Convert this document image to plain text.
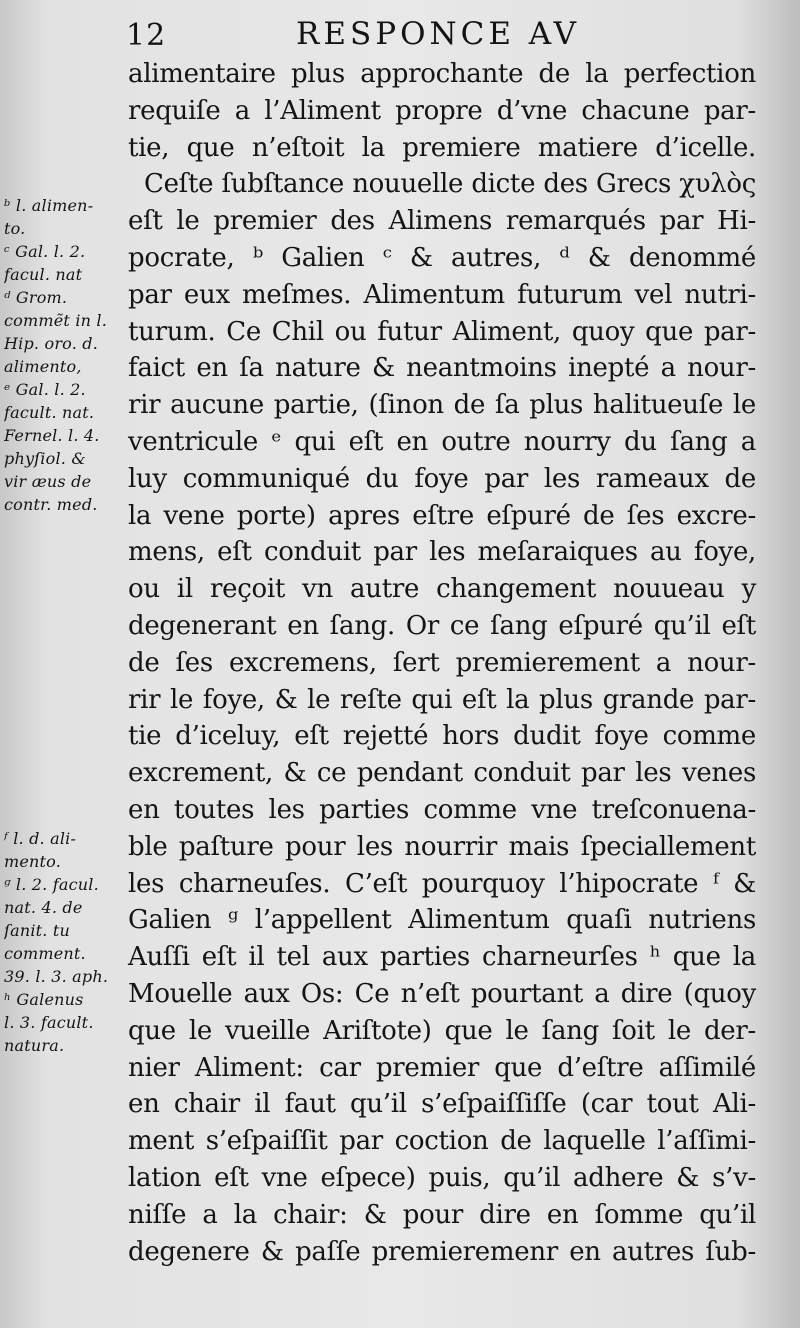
12	RESPONCE AV
ᵇ l. alimen-
to.
ᶜ Gal. l. 2.
facul. nat
ᵈ Grom.
commẽt in l.
Hip. oro. d.
alimento,
ᵉ Gal. l. 2.
facult. nat.
Fernel. l. 4.
phyſiol. &
vir æus de
contr. med.
ᶠ l. d. ali-
mento.
ᵍ l. 2. facul.
nat. 4. de
ſanit. tu
comment.
39. l. 3. aph.
ʰ Galenus
l. 3. facult.
natura.
alimentaire plus approchante de la perfection
requiſe a l’Aliment propre d’vne chacune par-
tie, que n’eſtoit la premiere matiere d’icelle.
Ceſte ſubſtance nouuelle dicte des Grecs χυλὸς
eſt le premier des Alimens remarqués par Hi-
pocrate, ᵇ Galien ᶜ & autres, ᵈ & denommé
par eux meſmes. Alimentum futurum vel nutri-
turum. Ce Chil ou futur Aliment, quoy que par-
faict en ſa nature & neantmoins inepté a nour-
rir aucune partie, (ſinon de ſa plus halitueuſe le
ventricule ᵉ qui eſt en outre nourry du ſang a
luy communiqué du foye par les rameaux de
la vene porte) apres eſtre eſpuré de ſes excre-
mens, eſt conduit par les meſaraiques au foye,
ou il reçoit vn autre changement nouueau y
degenerant en ſang. Or ce ſang eſpuré qu’il eſt
de ſes excremens, ſert premierement a nour-
rir le foye, & le reſte qui eſt la plus grande par-
tie d’iceluy, eſt rejetté hors dudit foye comme
excrement, & ce pendant conduit par les venes
en toutes les parties comme vne treſconuena-
ble paſture pour les nourrir mais ſpeciallement
les charneuſes. C’eſt pourquoy l’hipocrate ᶠ &
Galien ᵍ l’appellent Alimentum quaſi nutriens
Auſſi eſt il tel aux parties charneurſes ʰ que la
Mouelle aux Os: Ce n’eſt pourtant a dire (quoy
que le vueille Ariſtote) que le ſang ſoit le der-
nier Aliment: car premier que d’eſtre aſſimilé
en chair il faut qu’il s’eſpaiſſiſſe (car tout Ali-
ment s’eſpaiſſit par coction de laquelle l’aſſimi-
lation eſt vne eſpece) puis, qu’il adhere & s’v-
niſſe a la chair: & pour dire en ſomme qu’il
degenere & paſſe premieremenr en autres ſub-
